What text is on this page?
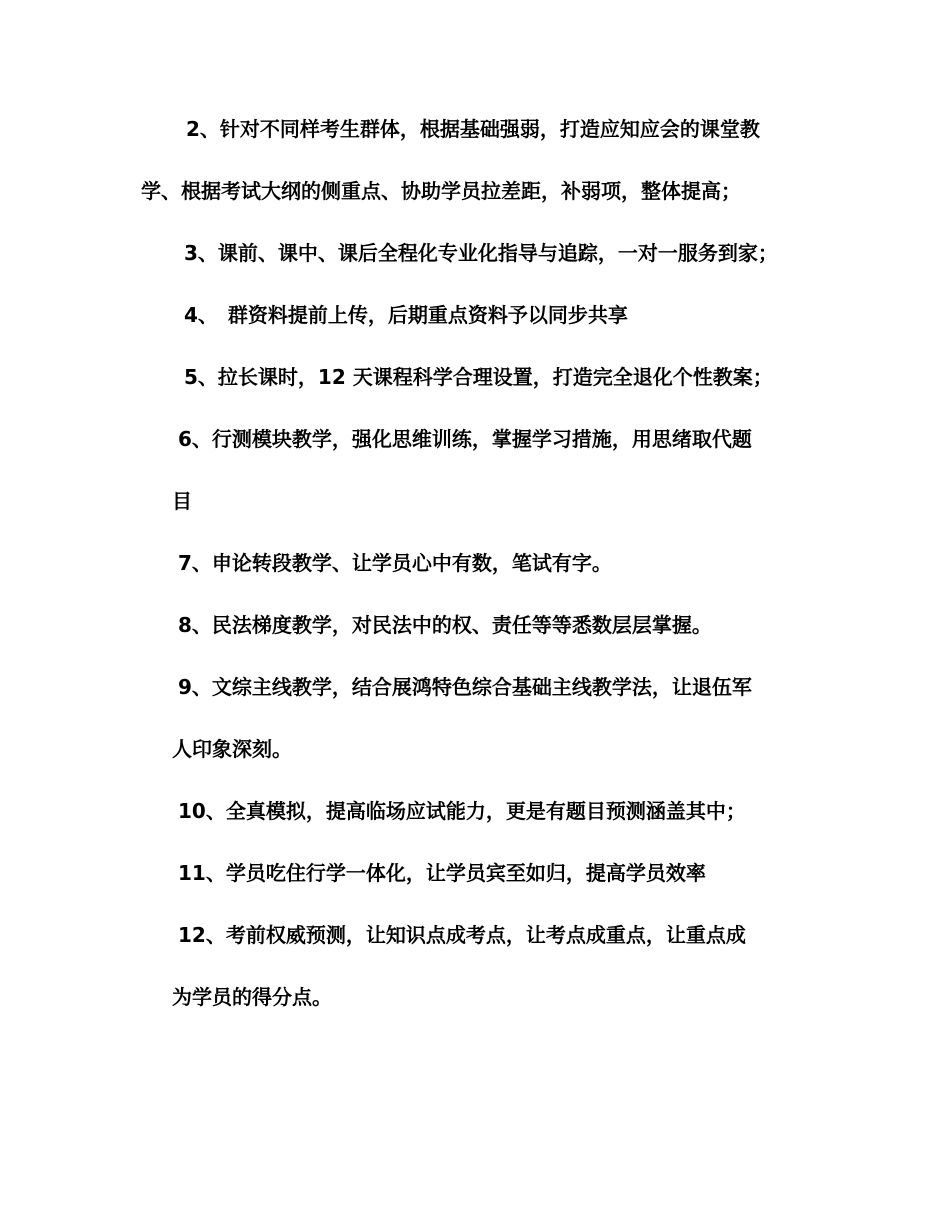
2、针对不同样考生群体，根据基础强弱，打造应知应会的课堂教
学、根据考试大纲的侧重点、协助学员拉差距，补弱项，整体提高；
3、课前、课中、课后全程化专业化指导与追踪，一对一服务到家；
4、　群资料提前上传，后期重点资料予以同步共享
5、拉长课时，12 天课程科学合理设置，打造完全退化个性教案；
6、行测模块教学，强化思维训练，掌握学习措施，用思绪取代题
目
7、申论转段教学、让学员心中有数，笔试有字。
8、民法梯度教学，对民法中的权、责任等等悉数层层掌握。
9、文综主线教学，结合展鸿特色综合基础主线教学法，让退伍军
人印象深刻。
10、全真模拟，提高临场应试能力，更是有题目预测涵盖其中；
11、学员吃住行学一体化，让学员宾至如归，提高学员效率
12、考前权威预测，让知识点成考点，让考点成重点，让重点成
为学员的得分点。
